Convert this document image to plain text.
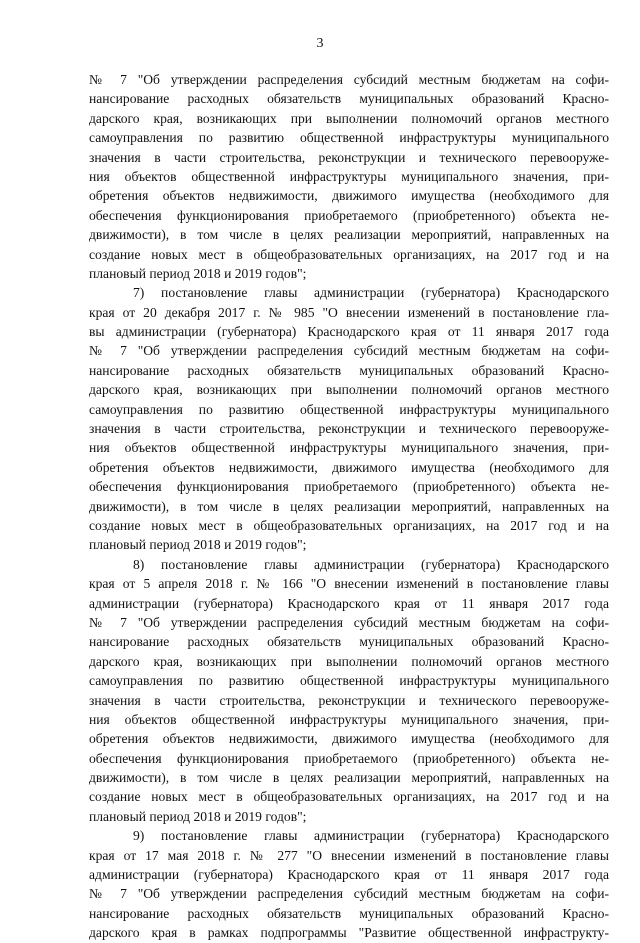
3
№ 7 "Об утверждении распределения субсидий местным бюджетам на софи-
нансирование расходных обязательств муниципальных образований Красно-
дарского края, возникающих при выполнении полномочий органов местного
самоуправления по развитию общественной инфраструктуры муниципального
значения в части строительства, реконструкции и технического перевооруже-
ния объектов общественной инфраструктуры муниципального значения, при-
обретения объектов недвижимости, движимого имущества (необходимого для
обеспечения функционирования приобретаемого (приобретенного) объекта не-
движимости), в том числе в целях реализации мероприятий, направленных на
создание новых мест в общеобразовательных организациях, на 2017 год и на
плановый период 2018 и 2019 годов";
7) постановление главы администрации (губернатора) Краснодарского
края от 20 декабря 2017 г. № 985 "О внесении изменений в постановление гла-
вы администрации (губернатора) Краснодарского края от 11 января 2017 года
№ 7 "Об утверждении распределения субсидий местным бюджетам на софи-
нансирование расходных обязательств муниципальных образований Красно-
дарского края, возникающих при выполнении полномочий органов местного
самоуправления по развитию общественной инфраструктуры муниципального
значения в части строительства, реконструкции и технического перевооруже-
ния объектов общественной инфраструктуры муниципального значения, при-
обретения объектов недвижимости, движимого имущества (необходимого для
обеспечения функционирования приобретаемого (приобретенного) объекта не-
движимости), в том числе в целях реализации мероприятий, направленных на
создание новых мест в общеобразовательных организациях, на 2017 год и на
плановый период 2018 и 2019 годов";
8) постановление главы администрации (губернатора) Краснодарского
края от 5 апреля 2018 г. № 166 "О внесении изменений в постановление главы
администрации (губернатора) Краснодарского края от 11 января 2017 года
№ 7 "Об утверждении распределения субсидий местным бюджетам на софи-
нансирование расходных обязательств муниципальных образований Красно-
дарского края, возникающих при выполнении полномочий органов местного
самоуправления по развитию общественной инфраструктуры муниципального
значения в части строительства, реконструкции и технического перевооруже-
ния объектов общественной инфраструктуры муниципального значения, при-
обретения объектов недвижимости, движимого имущества (необходимого для
обеспечения функционирования приобретаемого (приобретенного) объекта не-
движимости), в том числе в целях реализации мероприятий, направленных на
создание новых мест в общеобразовательных организациях, на 2017 год и на
плановый период 2018 и 2019 годов";
9) постановление главы администрации (губернатора) Краснодарского
края от 17 мая 2018 г. № 277 "О внесении изменений в постановление главы
администрации (губернатора) Краснодарского края от 11 января 2017 года
№ 7 "Об утверждении распределения субсидий местным бюджетам на софи-
нансирование расходных обязательств муниципальных образований Красно-
дарского края в рамках подпрограммы "Развитие общественной инфраструкту-
